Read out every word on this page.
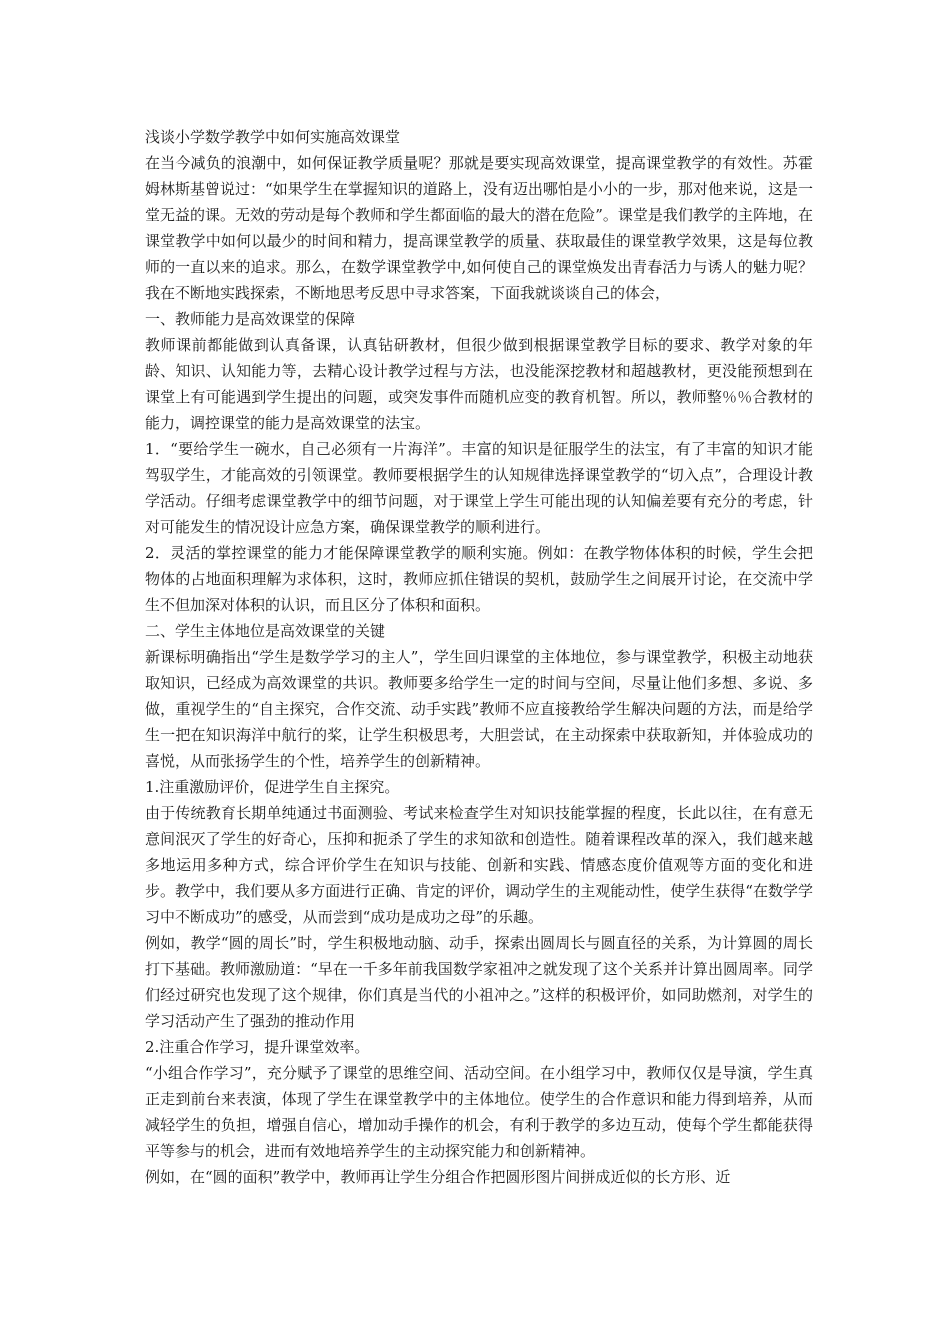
浅谈小学数学教学中如何实施高效课堂

在当今减负的浪潮中，如何保证教学质量呢？那就是要实现高效课堂，提高课堂教学的有效性。苏霍姆林斯基曾说过：“如果学生在掌握知识的道路上，没有迈出哪怕是小小的一步，那对他来说，这是一堂无益的课。无效的劳动是每个教师和学生都面临的最大的潜在危险”。课堂是我们教学的主阵地，在课堂教学中如何以最少的时间和精力，提高课堂教学的质量、获取最佳的课堂教学效果，这是每位教师的一直以来的追求。那么，在数学课堂教学中,如何使自己的课堂焕发出青春活力与诱人的魅力呢？我在不断地实践探索，不断地思考反思中寻求答案，下面我就谈谈自己的体会，

一、教师能力是高效课堂的保障

教师课前都能做到认真备课，认真钻研教材，但很少做到根据课堂教学目标的要求、教学对象的年龄、知识、认知能力等，去精心设计教学过程与方法，也没能深挖教材和超越教材，更没能预想到在课堂上有可能遇到学生提出的问题，或突发事件而随机应变的教育机智。所以，教师整％％合教材的能力，调控课堂的能力是高效课堂的法宝。

1．“要给学生一碗水，自己必须有一片海洋”。丰富的知识是征服学生的法宝，有了丰富的知识才能驾驭学生，才能高效的引领课堂。教师要根据学生的认知规律选择课堂教学的“切入点”，合理设计教学活动。仔细考虑课堂教学中的细节问题，对于课堂上学生可能出现的认知偏差要有充分的考虑，针对可能发生的情况设计应急方案，确保课堂教学的顺利进行。

2．灵活的掌控课堂的能力才能保障课堂教学的顺利实施。例如：在教学物体体积的时候，学生会把物体的占地面积理解为求体积，这时，教师应抓住错误的契机，鼓励学生之间展开讨论，在交流中学生不但加深对体积的认识，而且区分了体积和面积。

二、学生主体地位是高效课堂的关键

新课标明确指出“学生是数学学习的主人”，学生回归课堂的主体地位，参与课堂教学，积极主动地获取知识，已经成为高效课堂的共识。教师要多给学生一定的时间与空间，尽量让他们多想、多说、多做，重视学生的“自主探究，合作交流、动手实践”教师不应直接教给学生解决问题的方法，而是给学生一把在知识海洋中航行的桨，让学生积极思考，大胆尝试，在主动探索中获取新知，并体验成功的喜悦，从而张扬学生的个性，培养学生的创新精神。

1.注重激励评价，促进学生自主探究。

由于传统教育长期单纯通过书面测验、考试来检查学生对知识技能掌握的程度，长此以往，在有意无意间泯灭了学生的好奇心，压抑和扼杀了学生的求知欲和创造性。随着课程改革的深入，我们越来越多地运用多种方式，综合评价学生在知识与技能、创新和实践、情感态度价值观等方面的变化和进步。教学中，我们要从多方面进行正确、肯定的评价，调动学生的主观能动性，使学生获得“在数学学习中不断成功”的感受，从而尝到“成功是成功之母”的乐趣。

例如，教学“圆的周长”时，学生积极地动脑、动手，探索出圆周长与圆直径的关系，为计算圆的周长打下基础。教师激励道：“早在一千多年前我国数学家祖冲之就发现了这个关系并计算出圆周率。同学们经过研究也发现了这个规律，你们真是当代的小祖冲之。”这样的积极评价，如同助燃剂，对学生的学习活动产生了强劲的推动作用

2.注重合作学习，提升课堂效率。

“小组合作学习”，充分赋予了课堂的思维空间、活动空间。在小组学习中，教师仅仅是导演，学生真正走到前台来表演，体现了学生在课堂教学中的主体地位。使学生的合作意识和能力得到培养，从而减轻学生的负担，增强自信心，增加动手操作的机会，有利于教学的多边互动，使每个学生都能获得平等参与的机会，进而有效地培养学生的主动探究能力和创新精神。

例如，在“圆的面积”教学中，教师再让学生分组合作把圆形图片间拼成近似的长方形、近
